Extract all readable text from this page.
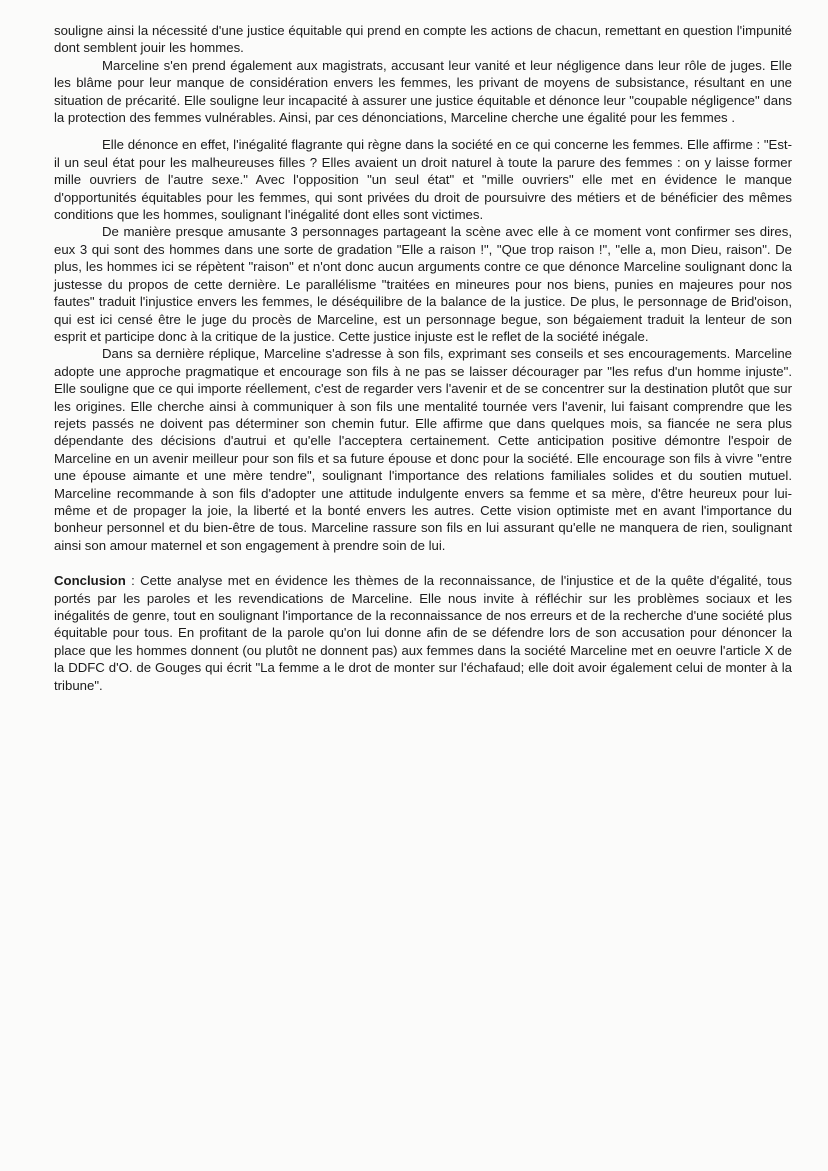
souligne ainsi la nécessité d'une justice équitable qui prend en compte les actions de chacun, remettant en question l'impunité dont semblent jouir les hommes.

Marceline s'en prend également aux magistrats, accusant leur vanité et leur négligence dans leur rôle de juges. Elle les blâme pour leur manque de considération envers les femmes, les privant de moyens de subsistance, résultant en une situation de précarité. Elle souligne leur incapacité à assurer une justice équitable et dénonce leur "coupable négligence" dans la protection des femmes vulnérables. Ainsi, par ces dénonciations, Marceline cherche une égalité pour les femmes .

Elle dénonce en effet, l'inégalité flagrante qui règne dans la société en ce qui concerne les femmes. Elle affirme : "Est-il un seul état pour les malheureuses filles ? Elles avaient un droit naturel à toute la parure des femmes : on y laisse former mille ouvriers de l'autre sexe." Avec l'opposition "un seul état" et "mille ouvriers" elle met en évidence le manque d'opportunités équitables pour les femmes, qui sont privées du droit de poursuivre des métiers et de bénéficier des mêmes conditions que les hommes, soulignant l'inégalité dont elles sont victimes.

De manière presque amusante 3 personnages partageant la scène avec elle à ce moment vont confirmer ses dires, eux 3 qui sont des hommes dans une sorte de gradation "Elle a raison !", "Que trop raison !", "elle a, mon Dieu, raison". De plus, les hommes ici se répètent "raison" et n'ont donc aucun arguments contre ce que dénonce Marceline soulignant donc la justesse du propos de cette dernière. Le parallélisme "traitées en mineures pour nos biens, punies en majeures pour nos fautes" traduit l'injustice envers les femmes, le déséquilibre de la balance de la justice. De plus, le personnage de Brid'oison, qui est ici censé être le juge du procès de Marceline, est un personnage begue, son bégaiement traduit la lenteur de son esprit et participe donc à la critique de la justice. Cette justice injuste est le reflet de la société inégale.

Dans sa dernière réplique, Marceline s'adresse à son fils, exprimant ses conseils et ses encouragements. Marceline adopte une approche pragmatique et encourage son fils à ne pas se laisser décourager par "les refus d'un homme injuste". Elle souligne que ce qui importe réellement, c'est de regarder vers l'avenir et de se concentrer sur la destination plutôt que sur les origines. Elle cherche ainsi à communiquer à son fils une mentalité tournée vers l'avenir, lui faisant comprendre que les rejets passés ne doivent pas déterminer son chemin futur. Elle affirme que dans quelques mois, sa fiancée ne sera plus dépendante des décisions d'autrui et qu'elle l'acceptera certainement. Cette anticipation positive démontre l'espoir de Marceline en un avenir meilleur pour son fils et sa future épouse et donc pour la société. Elle encourage son fils à vivre "entre une épouse aimante et une mère tendre", soulignant l'importance des relations familiales solides et du soutien mutuel. Marceline recommande à son fils d'adopter une attitude indulgente envers sa femme et sa mère, d'être heureux pour lui-même et de propager la joie, la liberté et la bonté envers les autres. Cette vision optimiste met en avant l'importance du bonheur personnel et du bien-être de tous. Marceline rassure son fils en lui assurant qu'elle ne manquera de rien, soulignant ainsi son amour maternel et son engagement à prendre soin de lui.

Conclusion : Cette analyse met en évidence les thèmes de la reconnaissance, de l'injustice et de la quête d'égalité, tous portés par les paroles et les revendications de Marceline. Elle nous invite à réfléchir sur les problèmes sociaux et les inégalités de genre, tout en soulignant l'importance de la reconnaissance de nos erreurs et de la recherche d'une société plus équitable pour tous. En profitant de la parole qu'on lui donne afin de se défendre lors de son accusation pour dénoncer la place que les hommes donnent (ou plutôt ne donnent pas) aux femmes dans la société Marceline met en oeuvre l'article X de la DDFC d'O. de Gouges qui écrit "La femme a le drot de monter sur l'échafaud; elle doit avoir également celui de monter à la tribune".
